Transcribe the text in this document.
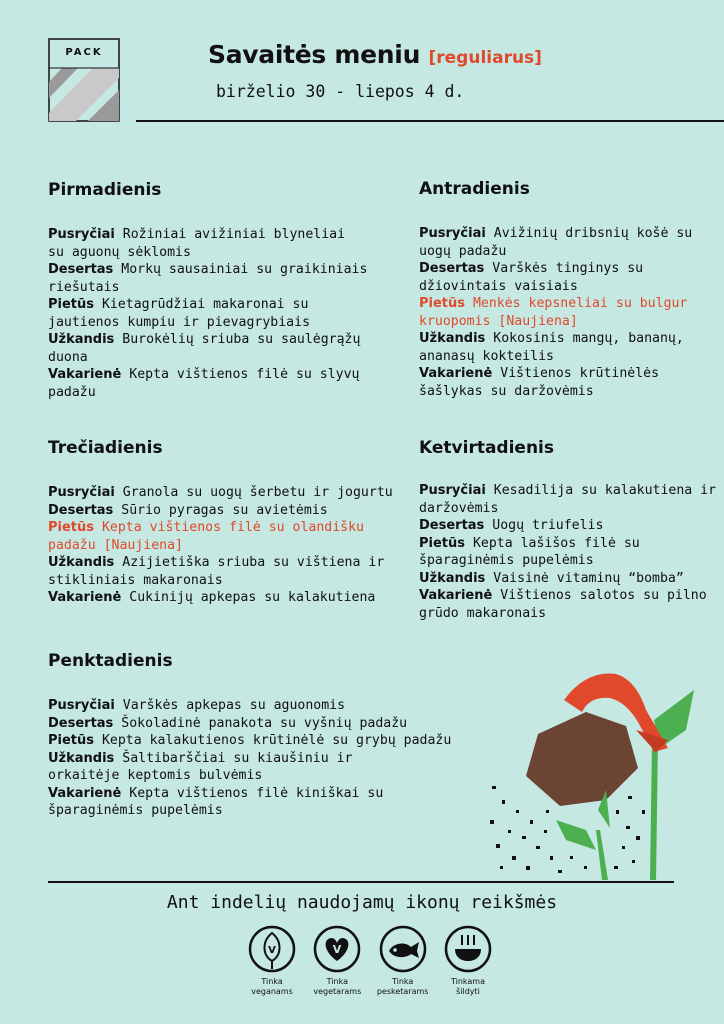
PACK	Savaitės meniu [reguliarus]
birželio 30 - liepos 4 d.
Pirmadienis

Pusryčiai Rožiniai avižiniai blyneliai su aguonų sėklomis

Desertas Morkų sausainiai su graikiniais riešutais

Pietūs Kietagrūdžiai makaronai su jautienos kumpiu ir pievagrybiais

Užkandis Burokėlių sriuba su saulėgrąžų duona

Vakarienė Kepta vištienos filė su slyvų padažu

Antradienis

Pusryčiai Avižinių dribsnių košė su uogų padažu

Desertas Varškės tinginys su džiovintais vaisiais

Pietūs Menkės kepsneliai su bulgur kruopomis [Naujiena]

Užkandis Kokosinis mangų, bananų, ananasų kokteilis

Vakarienė Vištienos krūtinėlės šašlykas su daržovėmis

Trečiadienis

Pusryčiai Granola su uogų šerbetu ir jogurtu

Desertas Sūrio pyragas su avietėmis

Pietūs Kepta vištienos filė su olandišku padažu [Naujiena]

Užkandis Azijietiška sriuba su vištiena ir stikliniais makaronais

Vakarienė Cukinijų apkepas su kalakutiena

Ketvirtadienis

Pusryčiai Kesadilija su kalakutiena ir daržovėmis

Desertas Uogų triufelis

Pietūs Kepta lašišos filė su šparaginėmis pupelėmis

Užkandis Vaisinė vitaminų “bomba”

Vakarienė Vištienos salotos su pilno grūdo makaronais

Penktadienis

Pusryčiai Varškės apkepas su aguonomis

Desertas Šokoladinė panakota su vyšnių padažu

Pietūs Kepta kalakutienos krūtinėlė su grybų padažu

Užkandis Šaltibarščiai su kiaušiniu ir orkaitėje keptomis bulvėmis

Vakarienė Kepta vištienos filė kiniškai su šparaginėmis pupelėmis

Ant indelių naudojamų ikonų reikšmės
V
Tinka
veganams
V
Tinka
vegetarams
Tinka
pesketarams
Tinkama
šildyti
